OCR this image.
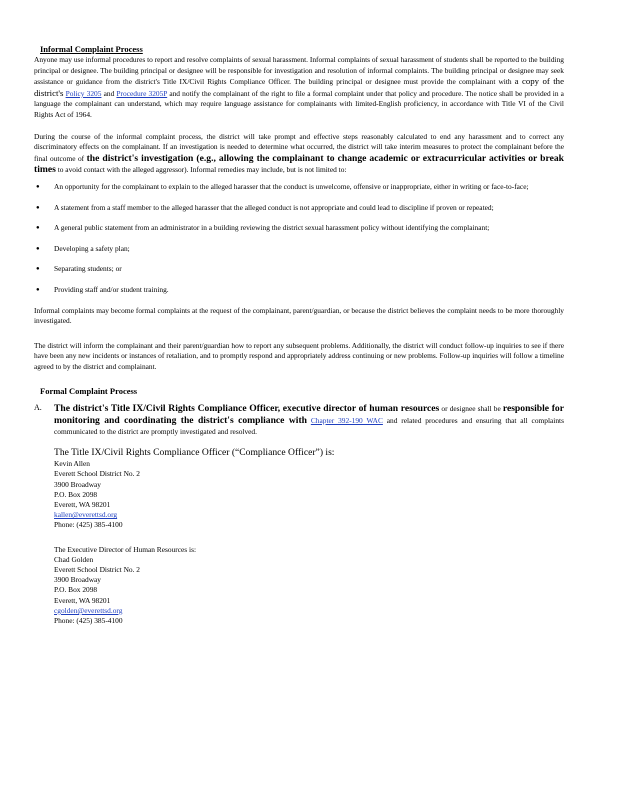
Informal Complaint Process

Anyone may use informal procedures to report and resolve complaints of sexual harassment. Informal complaints of sexual harassment of students shall be reported to the building principal or designee. The building principal or designee will be responsible for investigation and resolution of informal complaints. The building principal or designee may seek assistance or guidance from the district's Title IX/Civil Rights Compliance Officer. The building principal or designee must provide the complainant with a copy of the district's Policy 3205 and Procedure 3205P and notify the complainant of the right to file a formal complaint under that policy and procedure. The notice shall be provided in a language the complainant can understand, which may require language assistance for complainants with limited-English proficiency, in accordance with Title VI of the Civil Rights Act of 1964.

During the course of the informal complaint process, the district will take prompt and effective steps reasonably calculated to end any harassment and to correct any discriminatory effects on the complainant. If an investigation is needed to determine what occurred, the district will take interim measures to protect the complainant before the final outcome of the district's investigation (e.g., allowing the complainant to change academic or extracurricular activities or break times to avoid contact with the alleged aggressor). Informal remedies may include, but is not limited to:

● An opportunity for the complainant to explain to the alleged harasser that the conduct is unwelcome, offensive or inappropriate, either in writing or face-to-face;
● A statement from a staff member to the alleged harasser that the alleged conduct is not appropriate and could lead to discipline if proven or repeated;
● A general public statement from an administrator in a building reviewing the district sexual harassment policy without identifying the complainant;
● Developing a safety plan;
● Separating students; or
● Providing staff and/or student training.

Informal complaints may become formal complaints at the request of the complainant, parent/guardian, or because the district believes the complaint needs to be more thoroughly investigated.

The district will inform the complainant and their parent/guardian how to report any subsequent problems. Additionally, the district will conduct follow-up inquiries to see if there have been any new incidents or instances of retaliation, and to promptly respond and appropriately address continuing or new problems. Follow-up inquiries will follow a timeline agreed to by the district and complainant.

Formal Complaint Process

A. The district's Title IX/Civil Rights Compliance Officer, executive director of human resources or designee shall be responsible for monitoring and coordinating the district's compliance with Chapter 392-190 WAC and related procedures and ensuring that all complaints communicated to the district are promptly investigated and resolved.

The Title IX/Civil Rights Compliance Officer (“Compliance Officer”) is:

Kevin Allen
Everett School District No. 2
3900 Broadway
P.O. Box 2098
Everett, WA 98201
kallen@everettsd.org
Phone: (425) 385-4100
The Executive Director of Human Resources is:
Chad Golden
Everett School District No. 2
3900 Broadway
P.O. Box 2098
Everett, WA 98201
cgolden@everettsd.org
Phone: (425) 385-4100
